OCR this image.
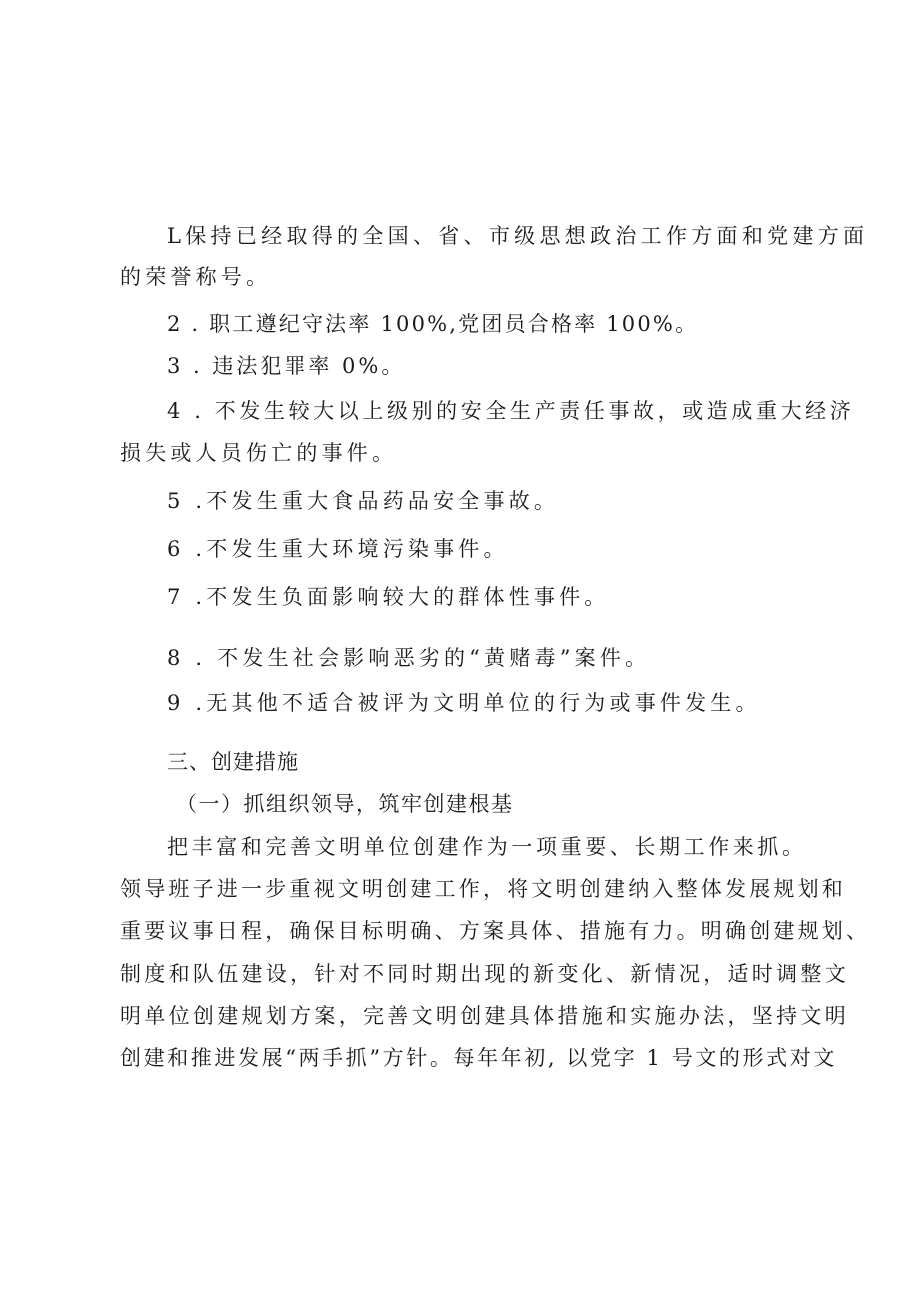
L保持已经取得的全国、省、市级思想政治工作方面和党建方面
的荣誉称号。
2 . 职工遵纪守法率 100%,党团员合格率 100%。
3 . 违法犯罪率 0%。
4 . 不发生较大以上级别的安全生产责任事故，或造成重大经济
损失或人员伤亡的事件。
5 .不发生重大食品药品安全事故。
6 .不发生重大环境污染事件。
7 .不发生负面影响较大的群体性事件。
8 . 不发生社会影响恶劣的“黄赌毒”案件。
9 .无其他不适合被评为文明单位的行为或事件发生。
三、创建措施
（一）抓组织领导，筑牢创建根基
把丰富和完善文明单位创建作为一项重要、长期工作来抓。
领导班子进一步重视文明创建工作，将文明创建纳入整体发展规划和
重要议事日程，确保目标明确、方案具体、措施有力。明确创建规划、
制度和队伍建设，针对不同时期出现的新变化、新情况，适时调整文
明单位创建规划方案，完善文明创建具体措施和实施办法，坚持文明
创建和推进发展“两手抓”方针。每年年初, 以党字 1 号文的形式对文
